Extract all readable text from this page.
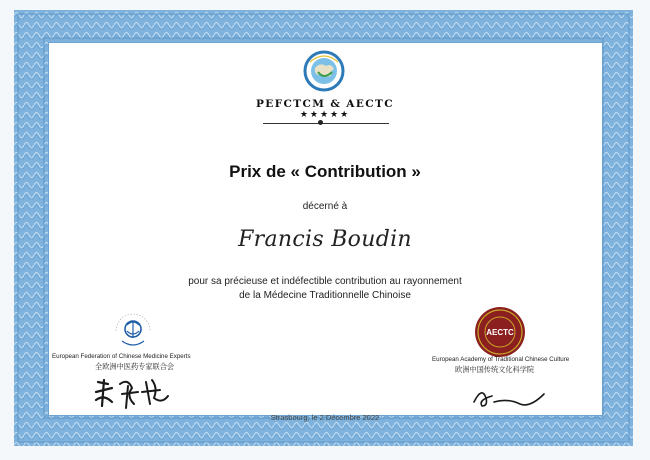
PEFCTCM & AECTC
★★★★★
Prix de « Contribution »
décerné à
Francis Boudin
pour sa précieuse et indéfectible contribution au rayonnement
de la Médecine Traditionnelle Chinoise
European Federation of Chinese Medicine Experts
全欧洲中医药专家联合会
AECTC
European Academy of Traditional Chinese Culture
欧洲中国传统文化科学院
Strasbourg, le 2 Décembre 2022
